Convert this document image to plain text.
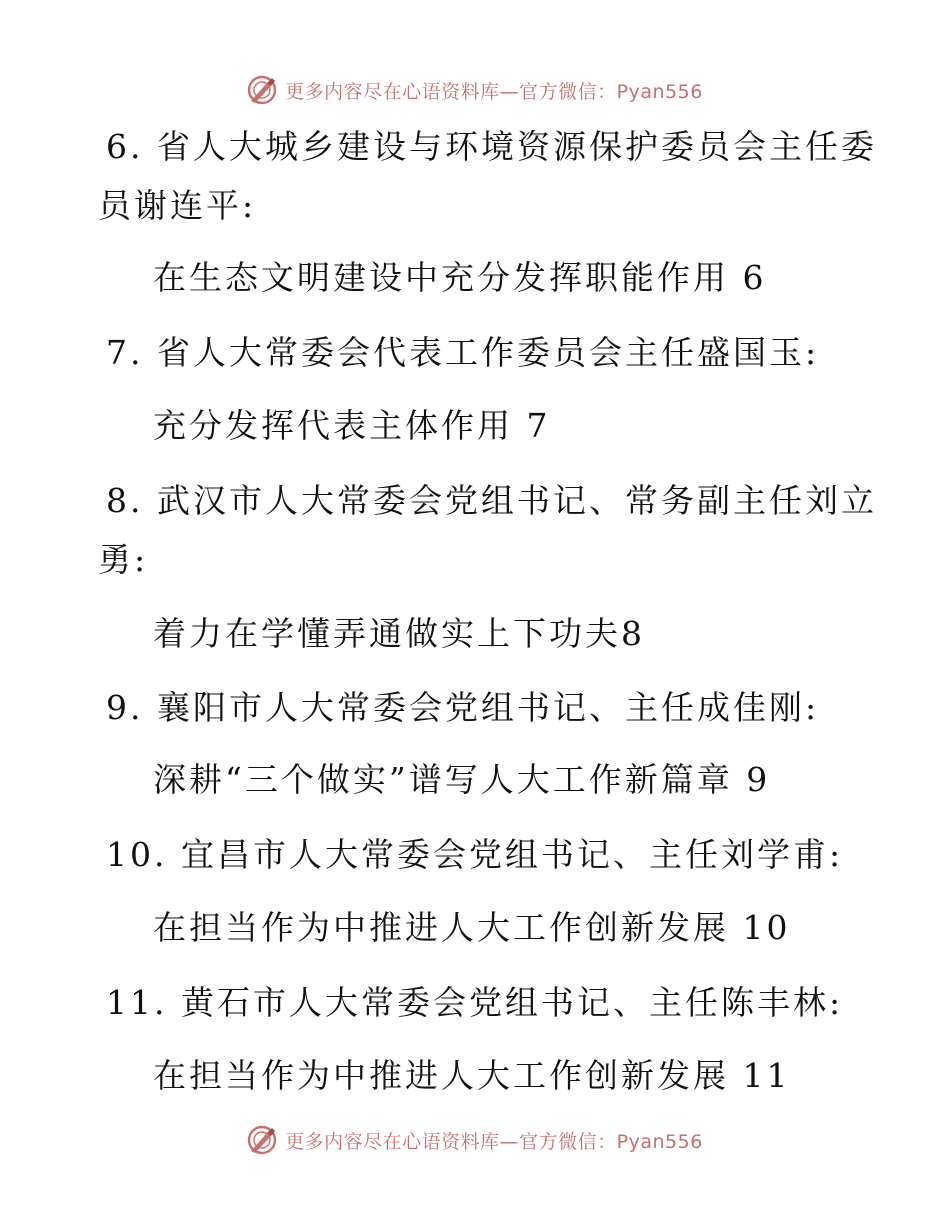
更多内容尽在心语资料库—官方微信：Pyan556
6. 省人大城乡建设与环境资源保护委员会主任委
员谢连平:
在生态文明建设中充分发挥职能作用 6
7. 省人大常委会代表工作委员会主任盛国玉:
充分发挥代表主体作用 7
8. 武汉市人大常委会党组书记、常务副主任刘立
勇:
着力在学懂弄通做实上下功夫8
9. 襄阳市人大常委会党组书记、主任成佳刚:
深耕“三个做实”谱写人大工作新篇章 9
10. 宜昌市人大常委会党组书记、主任刘学甫:
在担当作为中推进人大工作创新发展 10
11. 黄石市人大常委会党组书记、主任陈丰林:
在担当作为中推进人大工作创新发展 11
更多内容尽在心语资料库—官方微信：Pyan556
